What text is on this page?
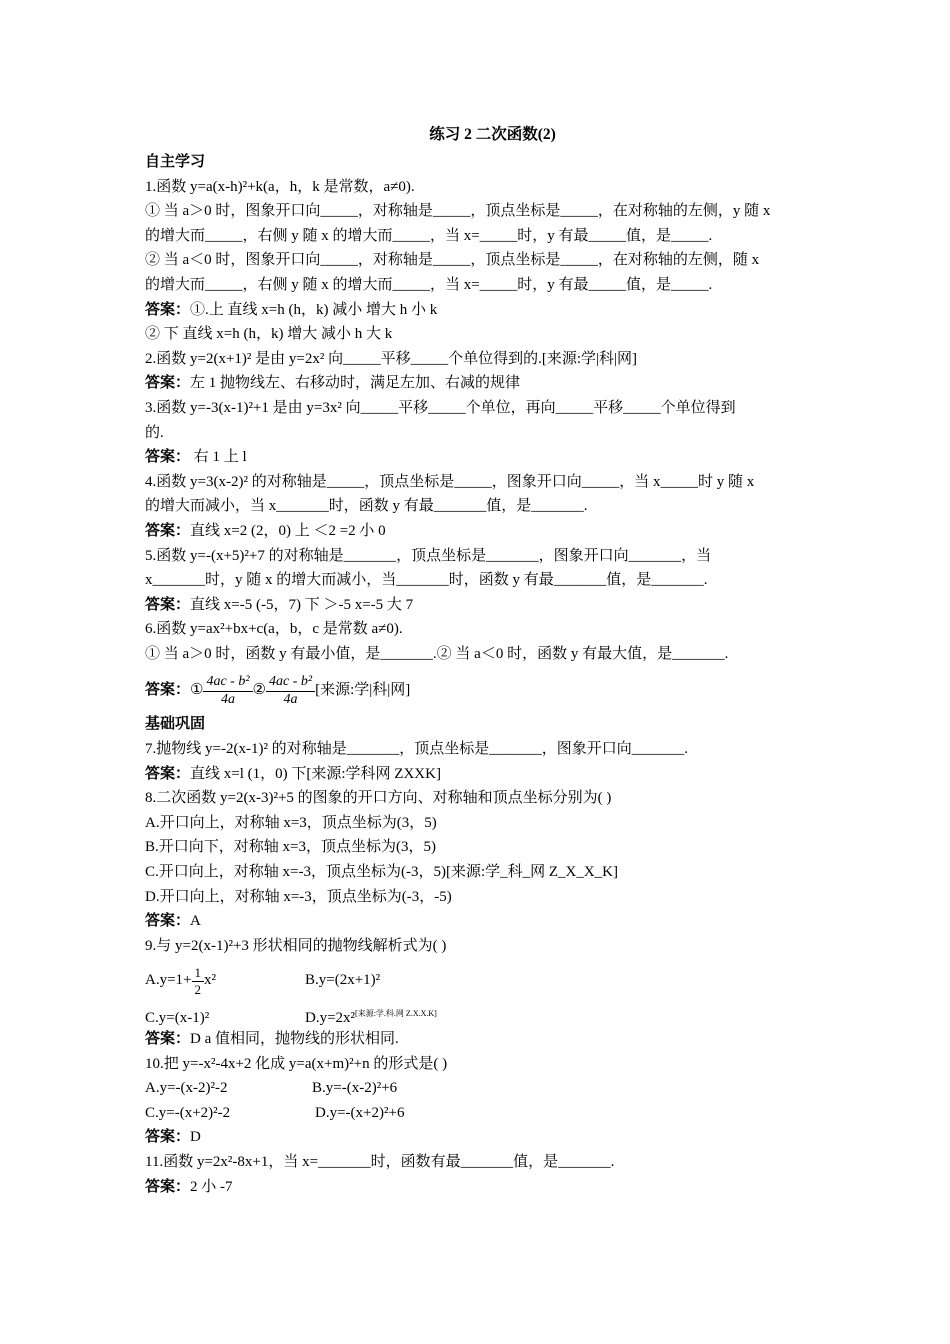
练习 2 二次函数(2)
自主学习
1.函数 y=a(x-h)²+k(a，h，k 是常数，a≠0).
① 当 a＞0 时，图象开口向_____，对称轴是_____，顶点坐标是_____，在对称轴的左侧，y 随 x
的增大而_____，右侧 y 随 x 的增大而_____，当 x=_____时，y 有最_____值，是_____.
② 当 a＜0 时，图象开口向_____，对称轴是_____，顶点坐标是_____，在对称轴的左侧，随 x
的增大而_____，右侧 y 随 x 的增大而_____，当 x=_____时，y 有最_____值，是_____.
答案：①.上 直线 x=h (h，k) 减小 增大 h 小 k
② 下 直线 x=h (h，k) 增大 减小 h 大 k
2.函数 y=2(x+1)² 是由 y=2x² 向_____平移_____个单位得到的.[来源:学|科|网]
答案：左 1 抛物线左、右移动时，满足左加、右减的规律
3.函数 y=-3(x-1)²+1 是由 y=3x² 向_____平移_____个单位，再向_____平移_____个单位得到
的.
答案： 右 1 上 l
4.函数 y=3(x-2)² 的对称轴是_____，顶点坐标是_____，图象开口向_____，当 x_____时 y 随 x
的增大而减小，当 x_______时，函数 y 有最_______值，是_______.
答案：直线 x=2 (2，0) 上 ＜2 =2 小 0
5.函数 y=-(x+5)²+7 的对称轴是_______，顶点坐标是_______，图象开口向_______，当
x_______时，y 随 x 的增大而减小，当_______时，函数 y 有最_______值，是_______.
答案：直线 x=-5 (-5，7) 下 ＞-5 x=-5 大 7
6.函数 y=ax²+bx+c(a，b，c 是常数 a≠0).
① 当 a＞0 时，函数 y 有最小值，是_______.② 当 a＜0 时，函数 y 有最大值，是_______.
答案：① $\frac{\text{4ac - b²}}{4a}$ ② $\frac{\text{4ac - b²}}{4a}$ [来源:学|科|网]
基础巩固
7.抛物线 y=-2(x-1)² 的对称轴是_______，顶点坐标是_______，图象开口向_______.
答案：直线 x=l (1，0) 下[来源:学科网 ZXXK]
8.二次函数 y=2(x-3)²+5 的图象的开口方向、对称轴和顶点坐标分别为( )
A.开口向上，对称轴 x=3，顶点坐标为(3，5)
B.开口向下，对称轴 x=3，顶点坐标为(3，5)
C.开口向上，对称轴 x=-3，顶点坐标为(-3，5)[来源:学_科_网 Z_X_X_K]
D.开口向上，对称轴 x=-3，顶点坐标为(-3，-5)
答案：A
9.与 y=2(x-1)²+3 形状相同的抛物线解析式为( )
$A.y=1+ \frac{1}{2} x^2$	B.y=(2x+1)²
C.y=(x-1)²	D.y=2x²[来源:学.科.网 Z.X.X.K]
答案：D a 值相同，抛物线的形状相同.
10.把 y=-x²-4x+2 化成 y=a(x+m)²+n 的形式是( )
A.y=-(x-2)²-2	B.y=-(x-2)²+6
C.y=-(x+2)²-2	D.y=-(x+2)²+6
答案：D
11.函数 y=2x²-8x+1，当 x=_______时，函数有最_______值，是_______.
答案：2 小 -7
